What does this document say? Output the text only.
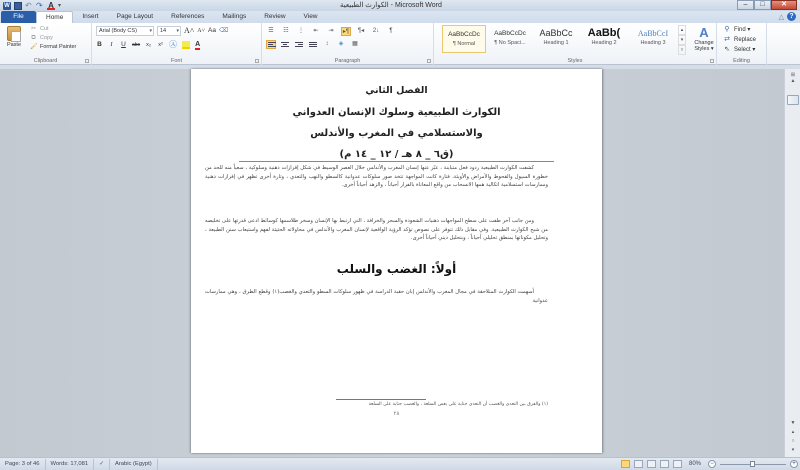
W ↶ ↷ A ▾	الكوارث الطبيعية - Microsoft Word	–	□	✕
File	Home	Insert	Page Layout	References	Mailings	Review	View	△ ?
Paste
✂ Cut
⧉ Copy
🖌 Format Painter
Clipboard
Arial (Body CS) ▾	14 ▾	A˄ A˅ Aa ⌫
B	I	U abc x₂ x² Ⓐ	A
Font
☰	☷	⋮	⇤	⇥	▸¶	¶◂	2↓	¶
↕	◈	▦
Paragraph	Styles
AaBbCcDc
¶ Normal
AaBbCcDc
¶ No Spaci...
AaBbCc
Heading 1
AaBb(
Heading 2
AaBbCcI
Heading 3
▴
▾
▿
A
Change Styles ▾
⚲ Find ▾
⇄ Replace
⇖ Select ▾
Editing
الفصل الثاني
الكوارث الطبيعية وسلوك الإنسان العدواني
والاستسلامي في المغرب والأندلس
(ق٦ _ ٨ هـ / ١٢ _ ١٤ م)

كشفت الكوارث الطبيعية ردود فعل متباينة ، عبّر عنها إنسان المغرب والأندلس خلال العصر الوسيط في شكل إفرازات ذهنية وسلوكية ، سعياً منه للحد من خطورة السيول والقحوط والأمراض والأوبئة، فتارة كانت المواجهة تتخذ صور سلوكات عدوانية كالسطو والنهب والتعدي ، وتارة أخرى تظهر في إفرازات ذهنية وممارسات استسلامية اتكالية همها الانسحاب من واقع المعاناة بالفرار أحياناً ، والزهد أحياناً أخرى.

ومن جانب آخر طفت على سطح المواجهات ذهنيات الشعوذة والسحر والخرافة ، التي ارتبط بها الإنسان وسخر طلاسمها كوسائط ادعى قدرتها على تخليصه من شبح الكوارث الطبيعية. وفي مقابل ذلك نتوفر على نصوص تؤكد الرؤية الواقعية لإنسان المغرب والأندلس في محاولاته الحثيثة لفهم واستيعاب سنن الطبيعة ، وتحليل مكوناتها بمنطق تحليلي أحياناً ، وبتحليل ديني أحياناً أخرى.

أولاً: الغضب والسلب

أسهمت الكوارث المتلاحقة في مجال المغرب والأندلس إبان حقبة الدراسة في ظهور سلوكات السطو والتعدي والغصب(١) وقطع الطرق ، وهي ممارسات عدوانية

(١) والفرق بين التعدي والغصب أن التعدي جناية على بعض السلعة ، والغصب جناية على السلعة
٢٨
⊞
▲
▼
▴
○
▾
Page: 3 of 46	Words: 17,081	✓	Arabic (Egypt)	80%	−	+
